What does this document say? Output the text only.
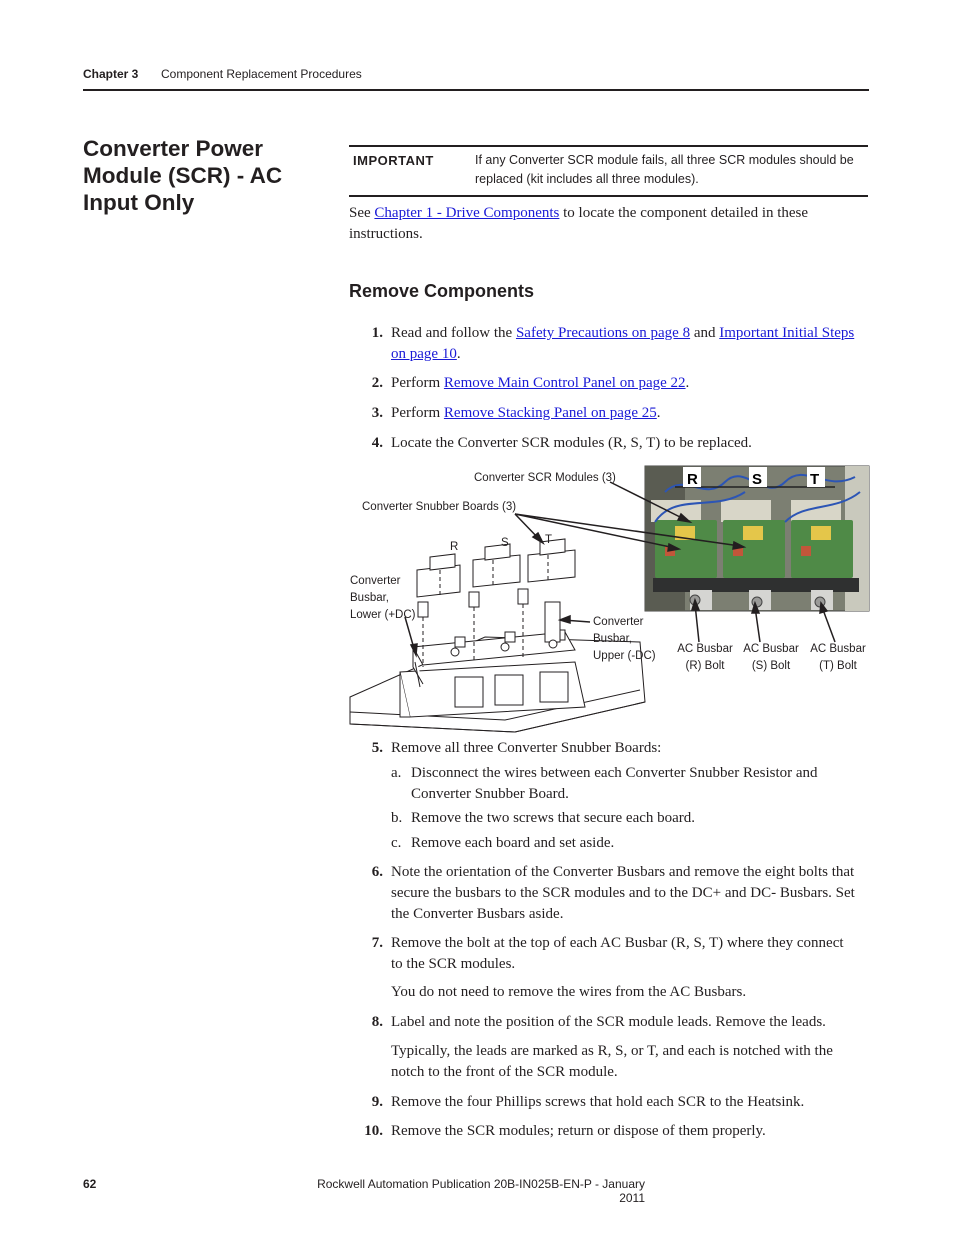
Chapter 3 Component Replacement Procedures
Converter Power Module (SCR) - AC Input Only
IMPORTANT	If any Converter SCR module fails, all three SCR modules should be replaced (kit includes all three modules).
See Chapter 1 - Drive Components to locate the component detailed in these instructions.
Remove Components
1. Read and follow the Safety Precautions on page 8 and Important Initial Steps on page 10.
2. Perform Remove Main Control Panel on page 22.
3. Perform Remove Stacking Panel on page 25.
4. Locate the Converter SCR modules (R, S, T) to be replaced.
R	S	T
Converter SCR Modules (3)
Converter Snubber Boards (3)
R	S	T
Converter
Busbar,
Lower (+DC)
Converter
Busbar,
Upper (-DC)
AC Busbar
(R) Bolt
AC Busbar
(S) Bolt
AC Busbar
(T) Bolt
5. Remove all three Converter Snubber Boards:
a. Disconnect the wires between each Converter Snubber Resistor and Converter Snubber Board.
b. Remove the two screws that secure each board.
c. Remove each board and set aside.
6. Note the orientation of the Converter Busbars and remove the eight bolts that secure the busbars to the SCR modules and to the DC+ and DC- Busbars. Set the Converter Busbars aside.
7. Remove the bolt at the top of each AC Busbar (R, S, T) where they connect to the SCR modules.
You do not need to remove the wires from the AC Busbars.
8. Label and note the position of the SCR module leads. Remove the leads.
Typically, the leads are marked as R, S, or T, and each is notched with the notch to the front of the SCR module.
9. Remove the four Phillips screws that hold each SCR to the Heatsink.
10. Remove the SCR modules; return or dispose of them properly.
62	Rockwell Automation Publication 20B-IN025B-EN-P - January 2011
